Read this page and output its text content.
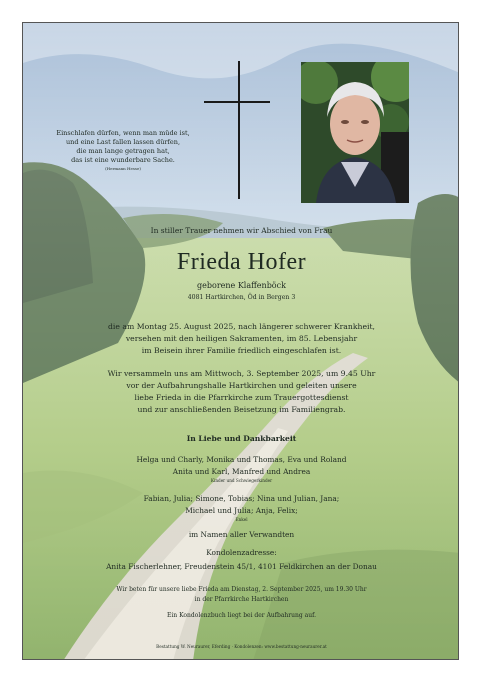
Einschlafen dürfen, wenn man müde ist,
und eine Last fallen lassen dürfen,
die man lange getragen hat,
das ist eine wunderbare Sache.
(Hermann Hesse)
In stiller Trauer nehmen wir Abschied von Frau
Frieda Hofer
geborene Klaffenböck
4081 Hartkirchen, Öd in Bergen 3
die am Montag 25. August 2025, nach längerer schwerer Krankheit,
versehen mit den heiligen Sakramenten, im 85. Lebensjahr
im Beisein ihrer Familie friedlich eingeschlafen ist.
Wir versammeln uns am Mittwoch, 3. September 2025, um 9.45 Uhr
vor der Aufbahrungshalle Hartkirchen und geleiten unsere
liebe Frieda in die Pfarrkirche zum Trauergottesdienst
und zur anschließenden Beisetzung im Familiengrab.
In Liebe und Dankbarkeit
Helga und Charly, Monika und Thomas, Eva und Roland
Anita und Karl, Manfred und Andrea
Kinder und Schwiegerkinder
Fabian, Julia; Simone, Tobias; Nina und Julian, Jana;
Michael und Julia; Anja, Felix;
Enkel
im Namen aller Verwandten
Kondolenzadresse:
Anita Fischerlehner, Freudenstein 45/1, 4101 Feldkirchen an der Donau
Wir beten für unsere liebe Frieda am Dienstag, 2. September 2025, um 19.30 Uhr
in der Pfarrkirche Hartkirchen
Ein Kondolenzbuch liegt bei der Aufbahrung auf.
Bestattung W. Neuraurer, Eferding · Kondolenzen: www.bestattung-neuraurer.at
